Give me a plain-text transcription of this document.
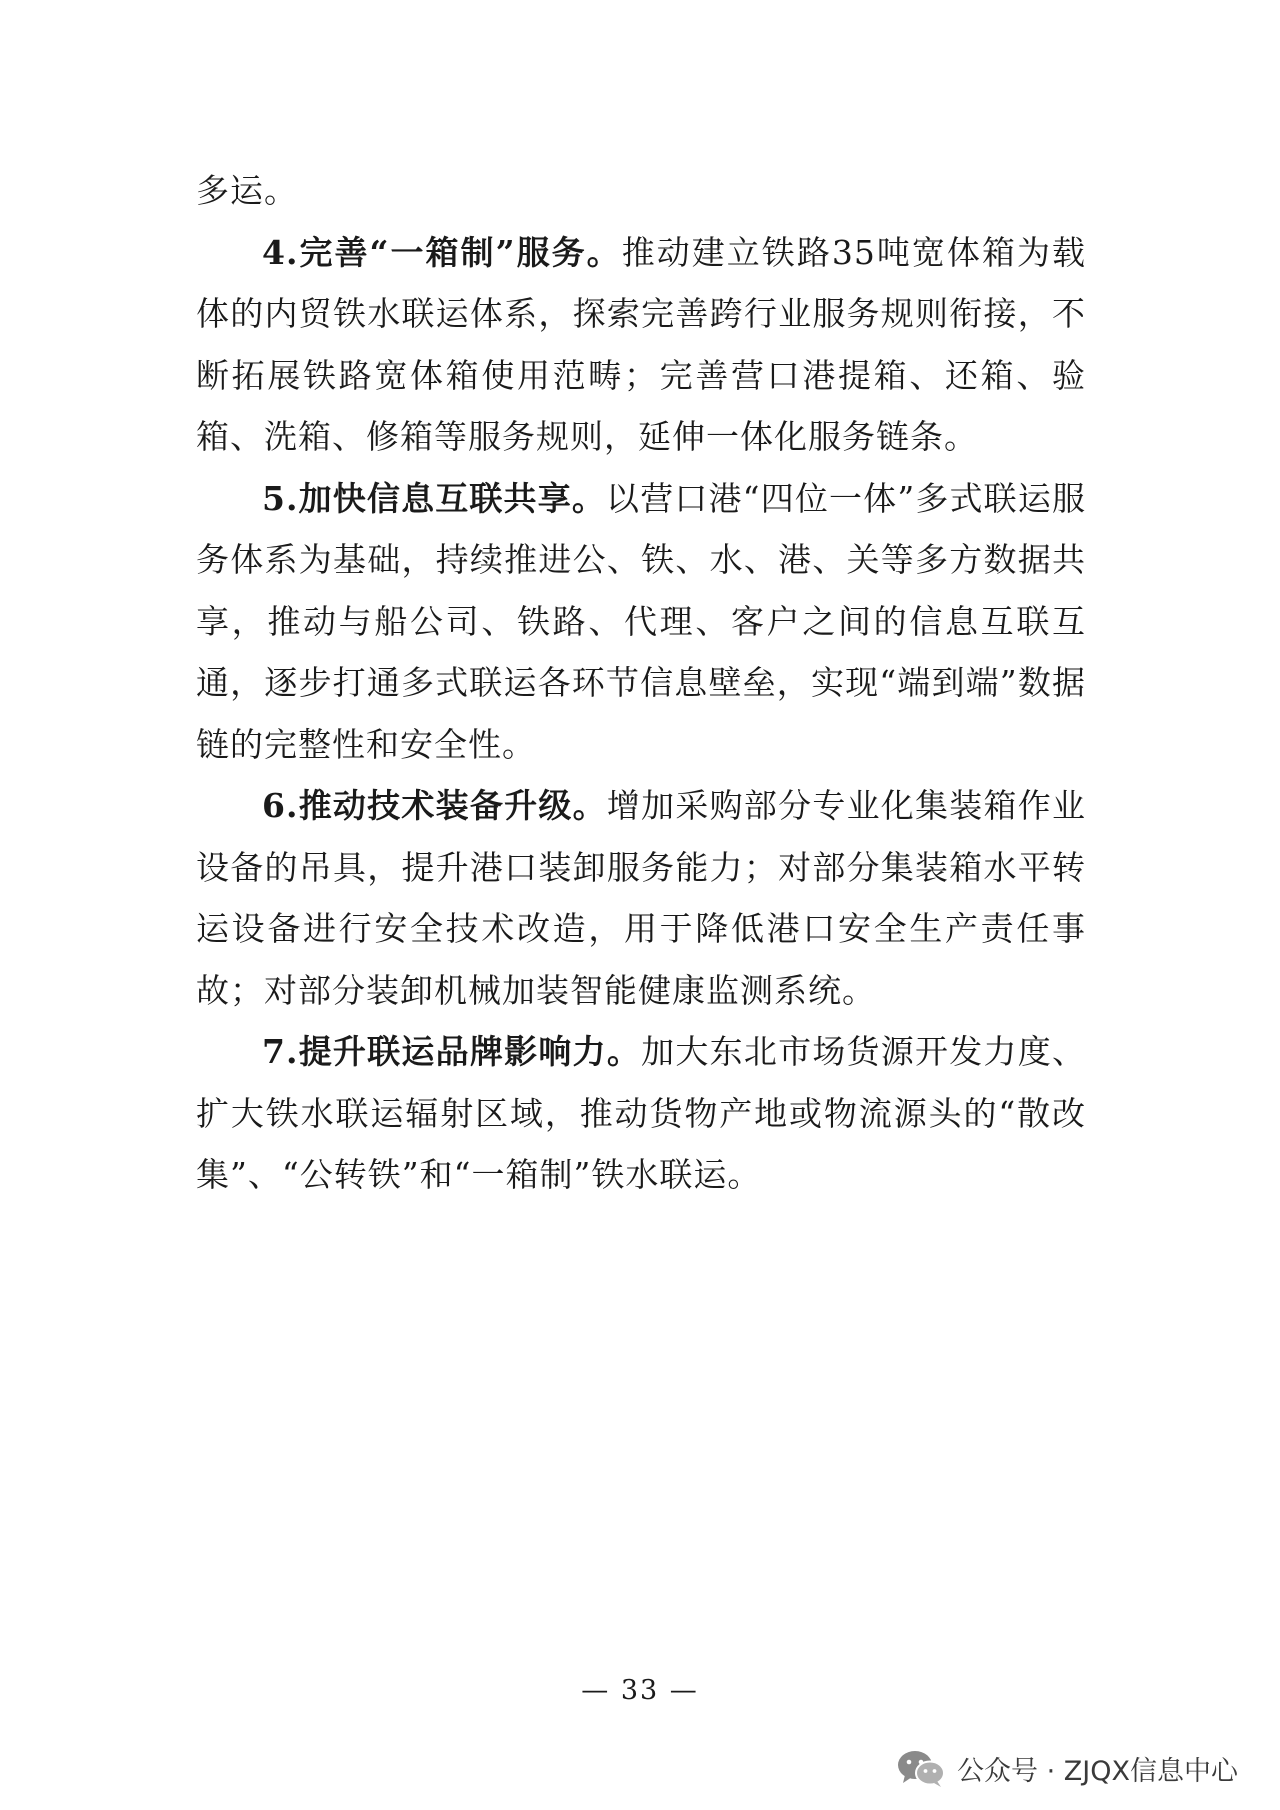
多运。

4.完善“一箱制”服务。推动建立铁路35吨宽体箱为载体的内贸铁水联运体系，探索完善跨行业服务规则衔接，不断拓展铁路宽体箱使用范畴；完善营口港提箱、还箱、验箱、洗箱、修箱等服务规则，延伸一体化服务链条。

5.加快信息互联共享。以营口港“四位一体”多式联运服务体系为基础，持续推进公、铁、水、港、关等多方数据共享，推动与船公司、铁路、代理、客户之间的信息互联互通，逐步打通多式联运各环节信息壁垒，实现“端到端”数据链的完整性和安全性。

6.推动技术装备升级。增加采购部分专业化集装箱作业设备的吊具，提升港口装卸服务能力；对部分集装箱水平转运设备进行安全技术改造，用于降低港口安全生产责任事故；对部分装卸机械加装智能健康监测系统。

7.提升联运品牌影响力。加大东北市场货源开发力度、扩大铁水联运辐射区域，推动货物产地或物流源头的“散改集”、“公转铁”和“一箱制”铁水联运。

— 33 —
公众号 · ZJQX信息中心
